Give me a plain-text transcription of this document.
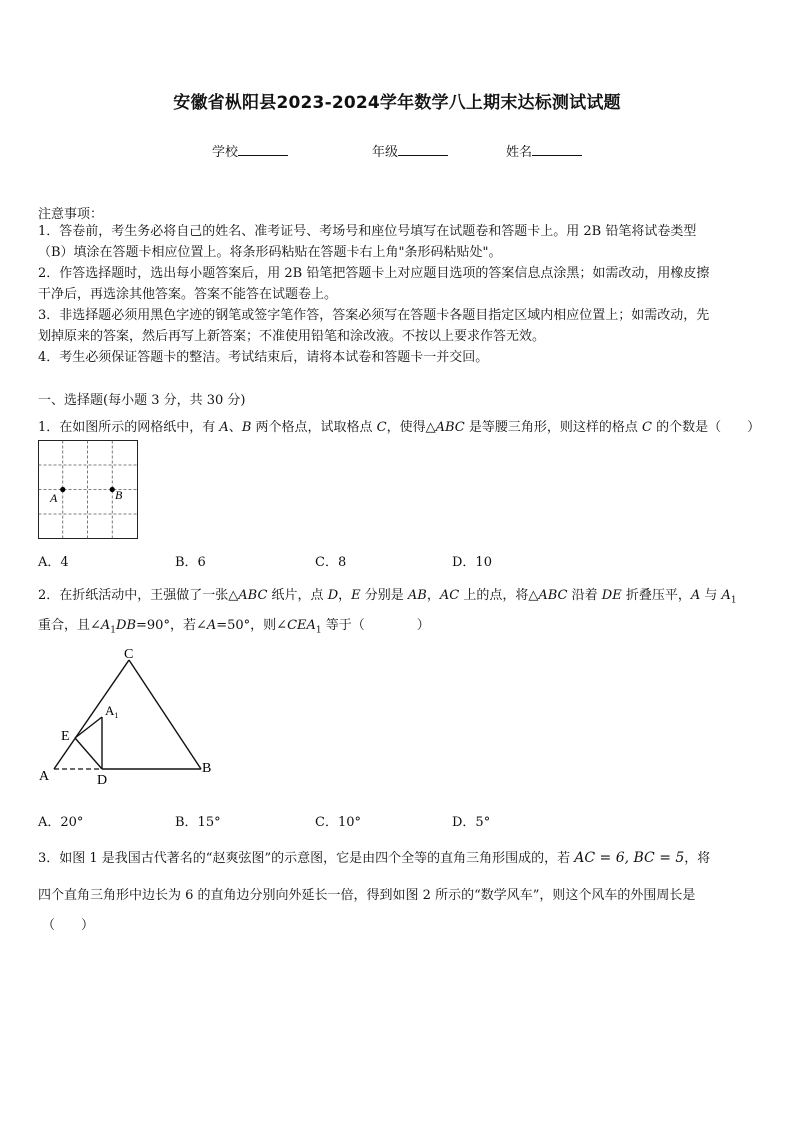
安徽省枞阳县2023-2024学年数学八上期末达标测试试题
学校	年级	姓名
注意事项：
1．答卷前，考生务必将自己的姓名、准考证号、考场号和座位号填写在试题卷和答题卡上。用 2B 铅笔将试卷类型
（B）填涂在答题卡相应位置上。将条形码粘贴在答题卡右上角"条形码粘贴处"。
2．作答选择题时，选出每小题答案后，用 2B 铅笔把答题卡上对应题目选项的答案信息点涂黑；如需改动，用橡皮擦
干净后，再选涂其他答案。答案不能答在试题卷上。
3．非选择题必须用黑色字迹的钢笔或签字笔作答，答案必须写在答题卡各题目指定区域内相应位置上；如需改动，先
划掉原来的答案，然后再写上新答案；不准使用铅笔和涂改液。不按以上要求作答无效。
4．考生必须保证答题卡的整洁。考试结束后，请将本试卷和答题卡一并交回。
一、选择题(每小题 3 分，共 30 分)
1．在如图所示的网格纸中，有 A、B 两个格点，试取格点 C，使得△ABC 是等腰三角形，则这样的格点 C 的个数是（　　）
A	B
A．4	B．6	C．8	D．10
2．在折纸活动中，王强做了一张△ABC 纸片，点 D，E 分别是 AB，AC 上的点，将△ABC 沿着 DE 折叠压平，A 与 $A_1$
重合，且$\angle A_1DB=90^\circ$，若∠A=50°，则$\angle CEA_1$ 等于（　　　　）
C
$A_1$
E
A	D
B
A．20°	B．15°	C．10°	D．5°
3．如图 1 是我国古代著名的“赵爽弦图”的示意图，它是由四个全等的直角三角形围成的，若 AC = 6, BC = 5，将
四个直角三角形中边长为 6 的直角边分别向外延长一倍，得到如图 2 所示的“数学风车”，则这个风车的外围周长是
（　　）
